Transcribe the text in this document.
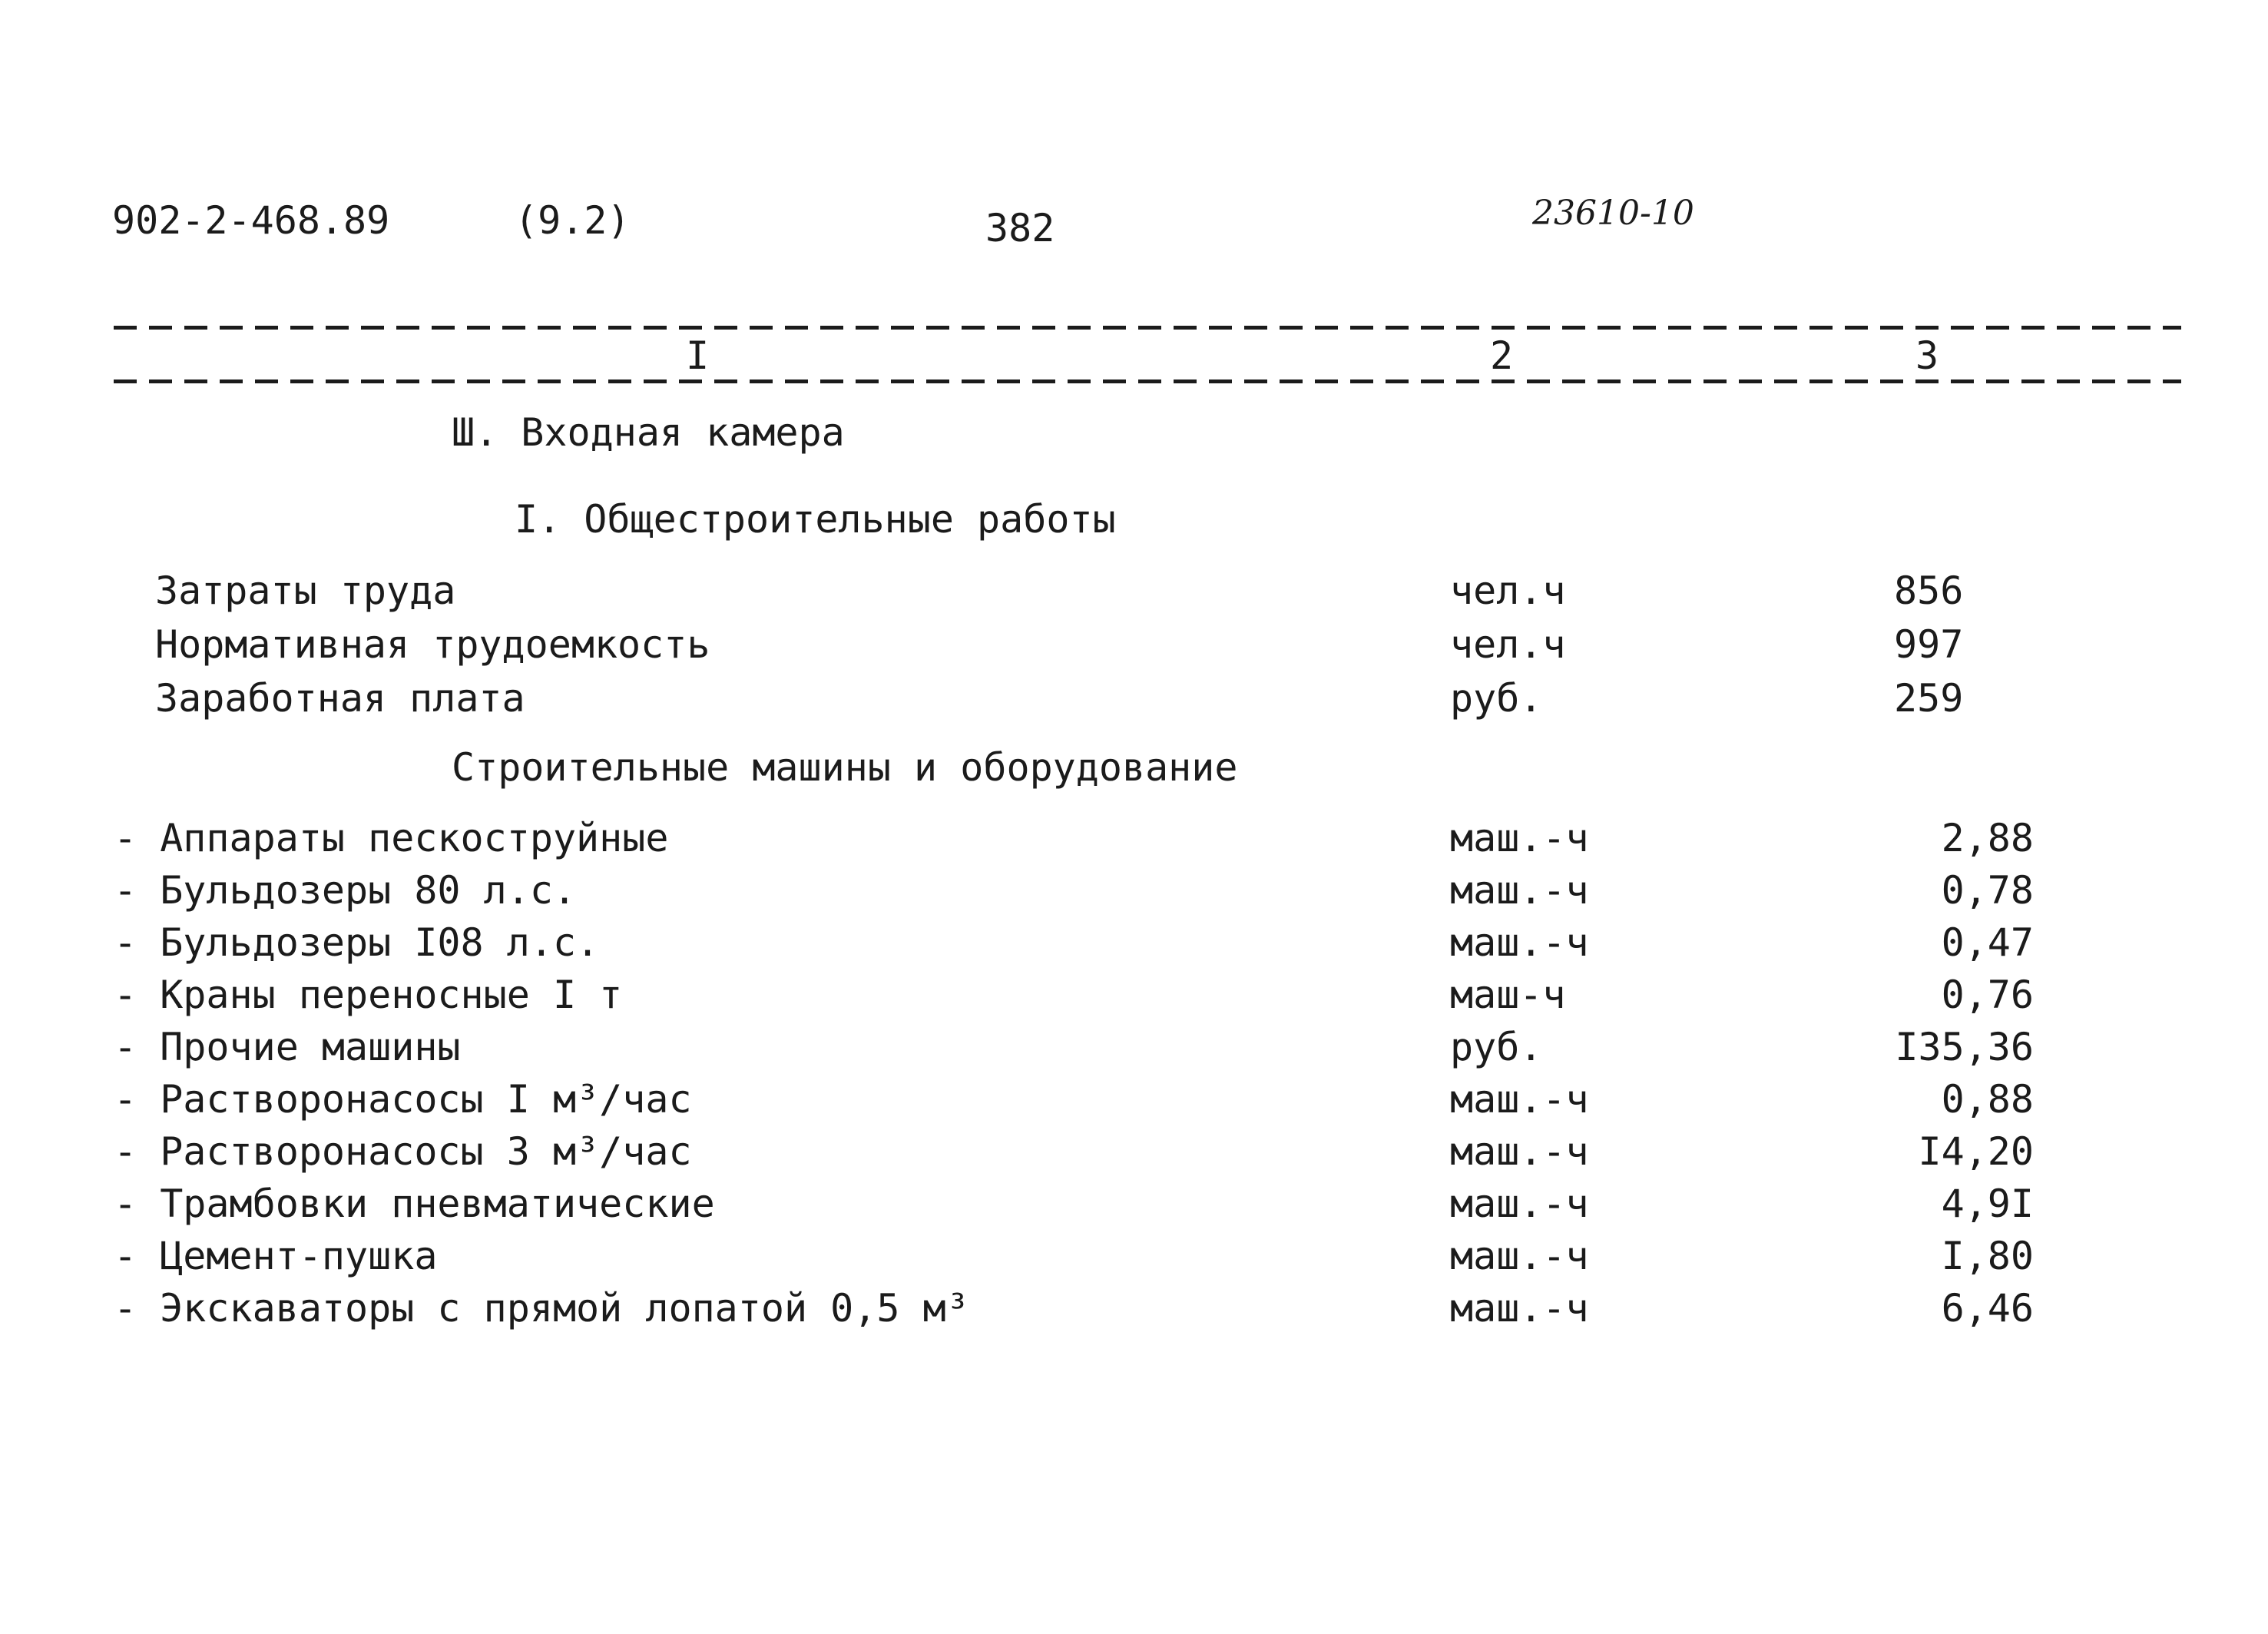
902-2-468.89	(9.2)	382	23610-10
I	2	3
Ш. Входная камера
I. Общестроительные работы
Затраты труда	чел.ч	856
Нормативная трудоемкость	чел.ч	997
Заработная плата	руб.	259
Строительные машины и оборудование
- Аппараты пескоструйные	маш.-ч	2,88
- Бульдозеры 80 л.с.	маш.-ч	0,78
- Бульдозеры I08 л.с.	маш.-ч	0,47
- Краны переносные I т	маш-ч	0,76
- Прочие машины	руб.	I35,36
- Растворонасосы I м³/час	маш.-ч	0,88
- Растворонасосы 3 м³/час	маш.-ч	I4,20
- Трамбовки пневматические	маш.-ч	4,9I
- Цемент-пушка	маш.-ч	I,80
- Экскаваторы с прямой лопатой 0,5 м³	маш.-ч	6,46
